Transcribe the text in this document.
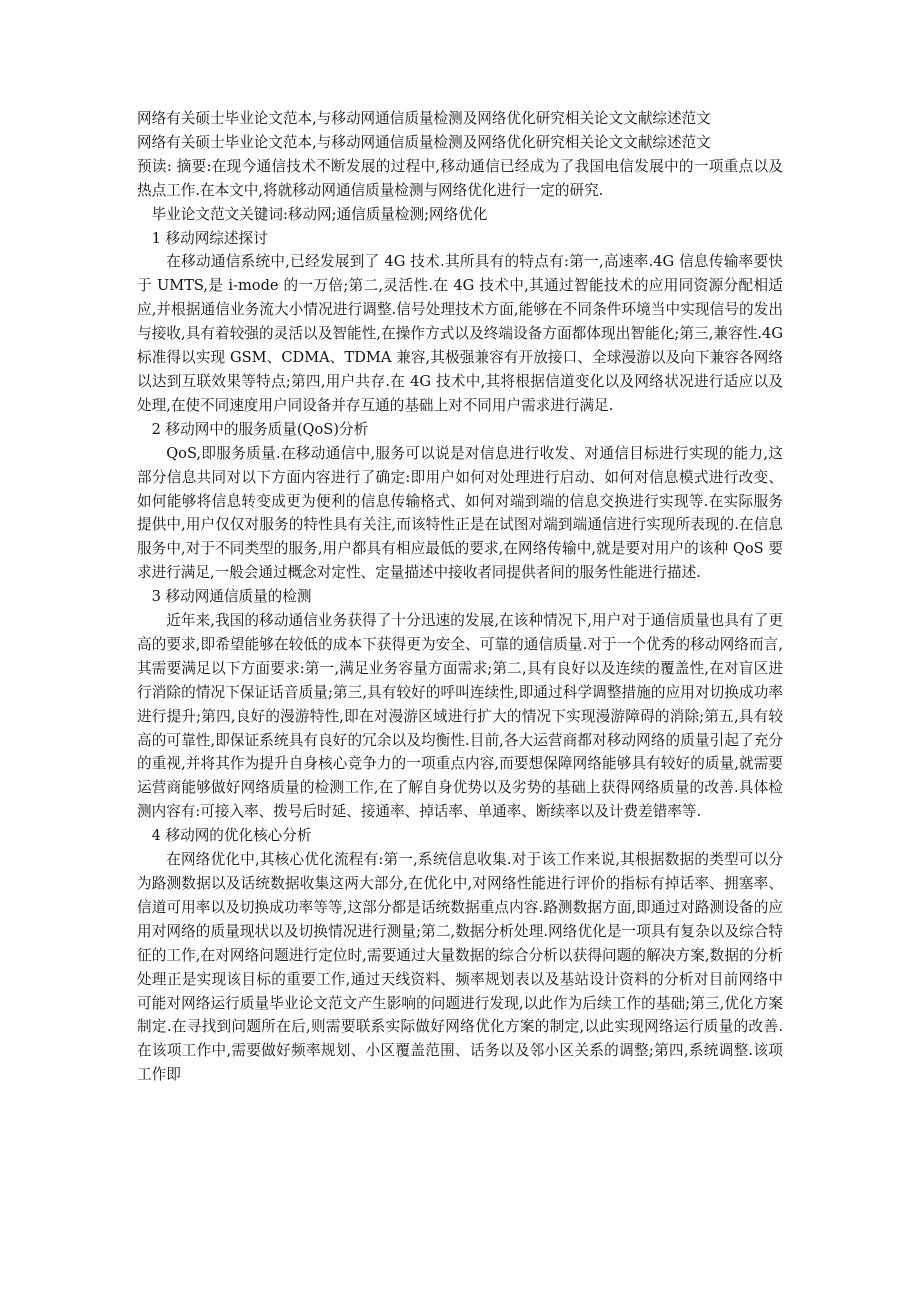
网络有关硕士毕业论文范本,与移动网通信质量检测及网络优化研究相关论文文献综述范文

网络有关硕士毕业论文范本,与移动网通信质量检测及网络优化研究相关论文文献综述范文

预读: 摘要:在现今通信技术不断发展的过程中,移动通信已经成为了我国电信发展中的一项重点以及热点工作.在本文中,将就移动网通信质量检测与网络优化进行一定的研究.

毕业论文范文关键词:移动网;通信质量检测;网络优化

1 移动网综述探讨

在移动通信系统中,已经发展到了 4G 技术.其所具有的特点有:第一,高速率.4G 信息传输率要快于 UMTS,是 i-mode 的一万倍;第二,灵活性.在 4G 技术中,其通过智能技术的应用同资源分配相适应,并根据通信业务流大小情况进行调整.信号处理技术方面,能够在不同条件环境当中实现信号的发出与接收,具有着较强的灵活以及智能性,在操作方式以及终端设备方面都体现出智能化;第三,兼容性.4G 标准得以实现 GSM、CDMA、TDMA 兼容,其极强兼容有开放接口、全球漫游以及向下兼容各网络以达到互联效果等特点;第四,用户共存.在 4G 技术中,其将根据信道变化以及网络状况进行适应以及处理,在使不同速度用户同设备并存互通的基础上对不同用户需求进行满足.

2 移动网中的服务质量(QoS)分析

QoS,即服务质量.在移动通信中,服务可以说是对信息进行收发、对通信目标进行实现的能力,这部分信息共同对以下方面内容进行了确定:即用户如何对处理进行启动、如何对信息模式进行改变、如何能够将信息转变成更为便利的信息传输格式、如何对端到端的信息交换进行实现等.在实际服务提供中,用户仅仅对服务的特性具有关注,而该特性正是在试图对端到端通信进行实现所表现的.在信息服务中,对于不同类型的服务,用户都具有相应最低的要求,在网络传输中,就是要对用户的该种 QoS 要求进行满足,一般会通过概念对定性、定量描述中接收者同提供者间的服务性能进行描述.

3 移动网通信质量的检测

近年来,我国的移动通信业务获得了十分迅速的发展,在该种情况下,用户对于通信质量也具有了更高的要求,即希望能够在较低的成本下获得更为安全、可靠的通信质量.对于一个优秀的移动网络而言,其需要满足以下方面要求:第一,满足业务容量方面需求;第二,具有良好以及连续的覆盖性,在对盲区进行消除的情况下保证话音质量;第三,具有较好的呼叫连续性,即通过科学调整措施的应用对切换成功率进行提升;第四,良好的漫游特性,即在对漫游区域进行扩大的情况下实现漫游障碍的消除;第五,具有较高的可靠性,即保证系统具有良好的冗余以及均衡性.目前,各大运营商都对移动网络的质量引起了充分的重视,并将其作为提升自身核心竞争力的一项重点内容,而要想保障网络能够具有较好的质量,就需要运营商能够做好网络质量的检测工作,在了解自身优势以及劣势的基础上获得网络质量的改善.具体检测内容有:可接入率、拨号后时延、接通率、掉话率、单通率、断续率以及计费差错率等.

4 移动网的优化核心分析

在网络优化中,其核心优化流程有:第一,系统信息收集.对于该工作来说,其根据数据的类型可以分为路测数据以及话统数据收集这两大部分,在优化中,对网络性能进行评价的指标有掉话率、拥塞率、信道可用率以及切换成功率等等,这部分都是话统数据重点内容.路测数据方面,即通过对路测设备的应用对网络的质量现状以及切换情况进行测量;第二,数据分析处理.网络优化是一项具有复杂以及综合特征的工作,在对网络问题进行定位时,需要通过大量数据的综合分析以获得问题的解决方案,数据的分析处理正是实现该目标的重要工作,通过天线资料、频率规划表以及基站设计资料的分析对目前网络中可能对网络运行质量毕业论文范文产生影响的问题进行发现,以此作为后续工作的基础;第三,优化方案制定.在寻找到问题所在后,则需要联系实际做好网络优化方案的制定,以此实现网络运行质量的改善.在该项工作中,需要做好频率规划、小区覆盖范围、话务以及邻小区关系的调整;第四,系统调整.该项工作即
